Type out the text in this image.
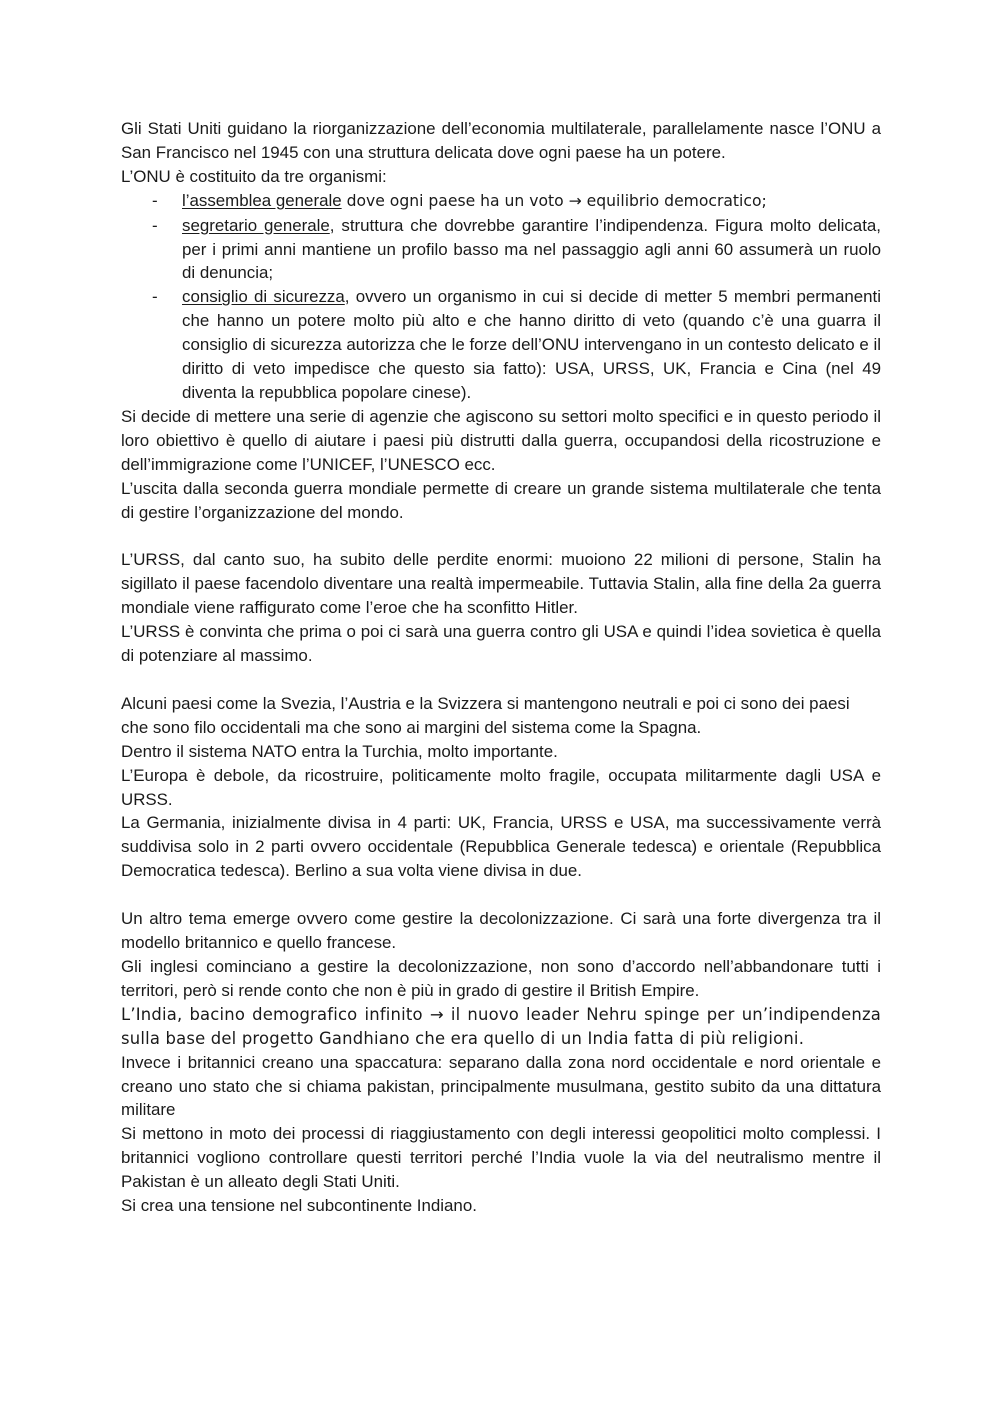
Gli Stati Uniti guidano la riorganizzazione dell’economia multilaterale, parallelamente nasce l’ONU a San Francisco nel 1945 con una struttura delicata dove ogni paese ha un potere.

L’ONU è costituito da tre organismi:

- l’assemblea generale dove ogni paese ha un voto → equilibrio democratico;
- segretario generale, struttura che dovrebbe garantire l’indipendenza. Figura molto delicata, per i primi anni mantiene un profilo basso ma nel passaggio agli anni 60 assumerà un ruolo di denuncia;
- consiglio di sicurezza, ovvero un organismo in cui si decide di metter 5 membri permanenti che hanno un potere molto più alto e che hanno diritto di veto (quando c’è una guarra il consiglio di sicurezza autorizza che le forze dell’ONU intervengano in un contesto delicato e il diritto di veto impedisce che questo sia fatto): USA, URSS, UK, Francia e Cina (nel 49 diventa la repubblica popolare cinese).

Si decide di mettere una serie di agenzie che agiscono su settori molto specifici e in questo periodo il loro obiettivo è quello di aiutare i paesi più distrutti dalla guerra, occupandosi della ricostruzione e dell’immigrazione come l’UNICEF, l’UNESCO ecc.

L’uscita dalla seconda guerra mondiale permette di creare un grande sistema multilaterale che tenta di gestire l’organizzazione del mondo.

L’URSS, dal canto suo, ha subito delle perdite enormi: muoiono 22 milioni di persone, Stalin ha sigillato il paese facendolo diventare una realtà impermeabile. Tuttavia Stalin, alla fine della 2a guerra mondiale viene raffigurato come l’eroe che ha sconfitto Hitler.

L’URSS è convinta che prima o poi ci sarà una guerra contro gli USA e quindi l’idea sovietica è quella di potenziare al massimo.

Alcuni paesi come la Svezia, l’Austria e la Svizzera si mantengono neutrali e poi ci sono dei paesi che sono filo occidentali ma che sono ai margini del sistema come la Spagna.

Dentro il sistema NATO entra la Turchia, molto importante.

L’Europa è debole, da ricostruire, politicamente molto fragile, occupata militarmente dagli USA e URSS.

La Germania, inizialmente divisa in 4 parti: UK, Francia, URSS e USA, ma successivamente verrà suddivisa solo in 2 parti ovvero occidentale (Repubblica Generale tedesca) e orientale (Repubblica Democratica tedesca). Berlino a sua volta viene divisa in due.

Un altro tema emerge ovvero come gestire la decolonizzazione. Ci sarà una forte divergenza tra il modello britannico e quello francese.

Gli inglesi cominciano a gestire la decolonizzazione, non sono d’accordo nell’abbandonare tutti i territori, però si rende conto che non è più in grado di gestire il British Empire.

L’India, bacino demografico infinito → il nuovo leader Nehru spinge per un’indipendenza sulla base del progetto Gandhiano che era quello di un India fatta di più religioni.

Invece i britannici creano una spaccatura: separano dalla zona nord occidentale e nord orientale e creano uno stato che si chiama pakistan, principalmente musulmana, gestito subito da una dittatura militare

Si mettono in moto dei processi di riaggiustamento con degli interessi geopolitici molto complessi. I britannici vogliono controllare questi territori perché l’India vuole la via del neutralismo mentre il Pakistan è un alleato degli Stati Uniti.

Si crea una tensione nel subcontinente Indiano.
